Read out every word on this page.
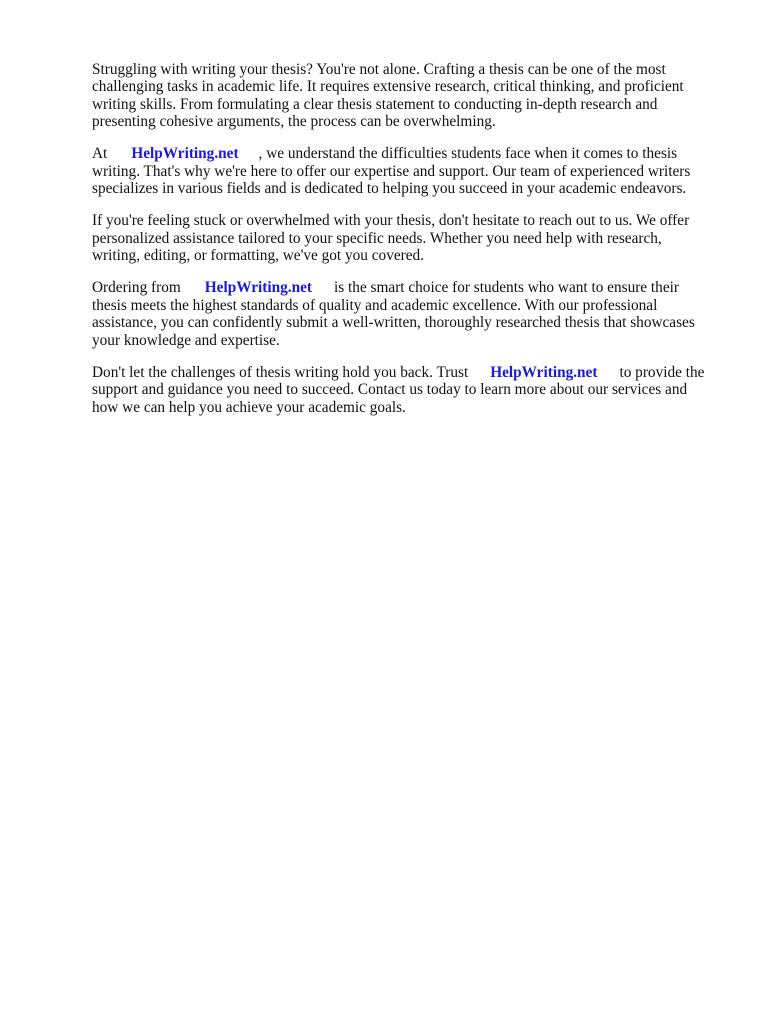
Struggling with writing your thesis? You're not alone. Crafting a thesis can be one of the most
challenging tasks in academic life. It requires extensive research, critical thinking, and proficient
writing skills. From formulating a clear thesis statement to conducting in-depth research and
presenting cohesive arguments, the process can be overwhelming.

At HelpWriting.net , we understand the difficulties students face when it comes to thesis
writing. That's why we're here to offer our expertise and support. Our team of experienced writers
specializes in various fields and is dedicated to helping you succeed in your academic endeavors.

If you're feeling stuck or overwhelmed with your thesis, don't hesitate to reach out to us. We offer
personalized assistance tailored to your specific needs. Whether you need help with research,
writing, editing, or formatting, we've got you covered.

Ordering from HelpWriting.net is the smart choice for students who want to ensure their
thesis meets the highest standards of quality and academic excellence. With our professional
assistance, you can confidently submit a well-written, thoroughly researched thesis that showcases
your knowledge and expertise.

Don't let the challenges of thesis writing hold you back. Trust HelpWriting.net to provide the
support and guidance you need to succeed. Contact us today to learn more about our services and
how we can help you achieve your academic goals.
